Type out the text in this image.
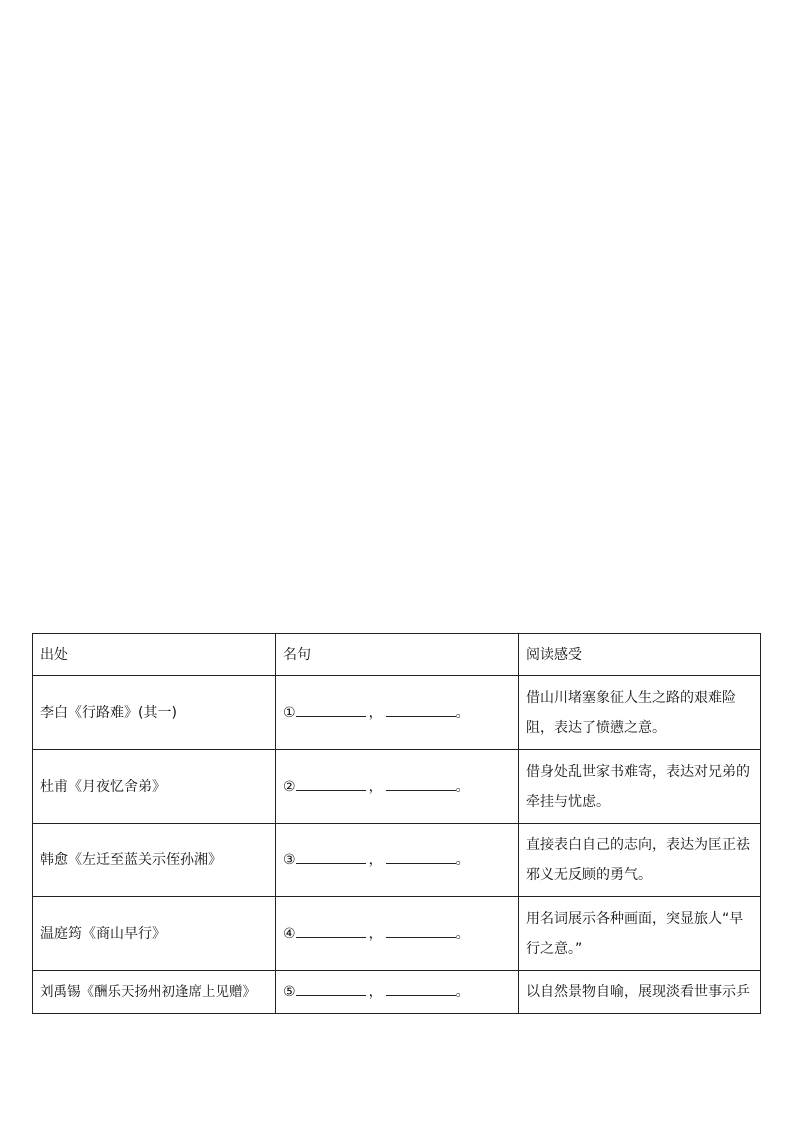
出处	名句	阅读感受
李白《行路难》(其一)	① ， 。	借山川堵塞象征人生之路的艰难险阻，表达了愤懑之意。
杜甫《月夜忆舍弟》	② ， 。	借身处乱世家书难寄，表达对兄弟的牵挂与忧虑。
韩愈《左迁至蓝关示侄孙湘》	③ ， 。	直接表白自己的志向，表达为匡正祛邪义无反顾的勇气。
温庭筠《商山早行》	④ ， 。	用名词展示各种画面，突显旅人“早行之意。”
刘禹锡《酬乐天扬州初逢席上见赠》	⑤ ， 。	以自然景物自喻，展现淡看世事示乒
